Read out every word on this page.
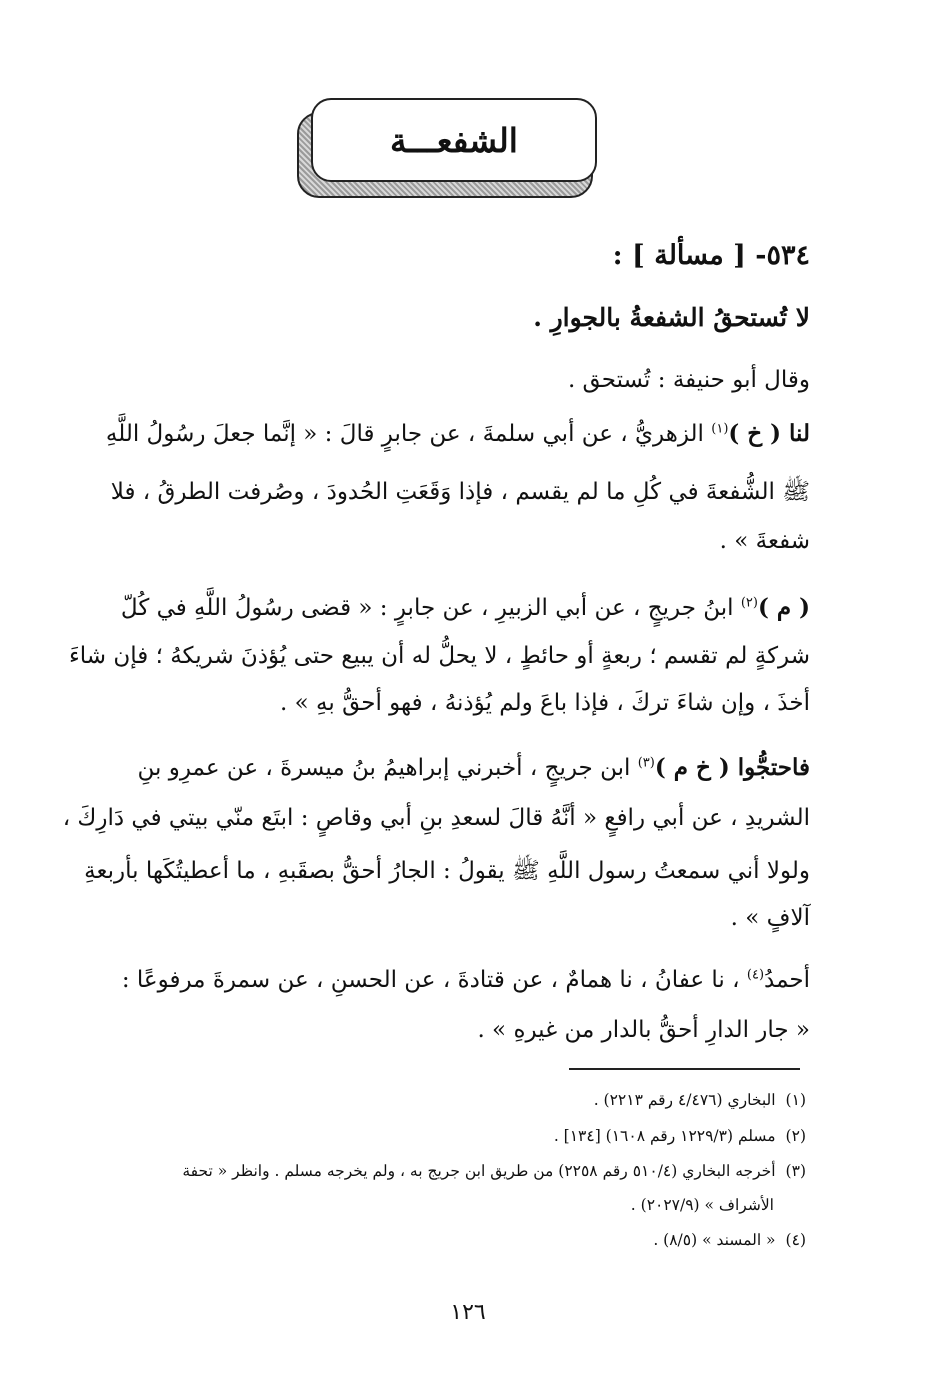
الشفعـــة
٥٣٤- [ مسألة ] :
لا تُستحقُ الشفعةُ بالجوارِ .
وقال أبو حنيفة : تُستحق .
لنا ( خ )$^{(١)}$ الزهريُّ ، عن أبي سلمةَ ، عن جابرٍ قالَ : « إنَّما جعلَ رسُولُ اللَّهِ
ﷺ الشُّفعةَ في كُلِ ما لم يقسم ، فإذا وَقَعَتِ الحُدودَ ، وصُرفت الطرقُ ، فلا
شفعةَ » .
( م )$^{(٢)}$ ابنُ جريجٍ ، عن أبي الزبيرِ ، عن جابرٍ : « قضى رسُولُ اللَّهِ في كُلّ
شركةٍ لم تقسم ؛ ربعةٍ أو حائطٍ ، لا يحلُّ له أن يبيع حتى يُؤذنَ شريكهُ ؛ فإن شاءَ
أخذَ ، وإن شاءَ تركَ ، فإذا باعَ ولم يُؤذنهُ ، فهو أحقُّ بهِ » .
فاحتجُّوا ( خ م )$^{(٣)}$ ابن جريجٍ ، أخبرني إبراهيمُ بنُ ميسرةَ ، عن عمرِو بنِ
الشريدِ ، عن أبي رافعٍ « أنَّهُ قالَ لسعدِ بنِ أبي وقاصٍ : ابتَع منّي بيتي في دَارِكَ ،
ولولا أني سمعتُ رسول اللَّهِ ﷺ يقولُ : الجارُ أحقُّ بصقَبهِ ، ما أعطيتُكَها بأربعةِ
آلافٍ » .
أحمدُ$^{(٤)}$ ، نا عفانُ ، نا همامٌ ، عن قتادةَ ، عن الحسنِ ، عن سمرةَ مرفوعًا :
« جار الدارِ أحقُّ بالدار من غيرهِ » .
(١)البخاري (٤/٤٧٦ رقم ٢٢١٣) .
(٢)مسلم (١٢٢٩/٣ رقم ١٦٠٨) [١٣٤] .
(٣)أخرجه البخاري (٥١٠/٤ رقم ٢٢٥٨) من طريق ابن جريج به ، ولم يخرجه مسلم . وانظر « تحفة
الأشراف » (٢٠٢٧/٩) .
(٤)« المسند » (٨/٥) .
١٢٦
